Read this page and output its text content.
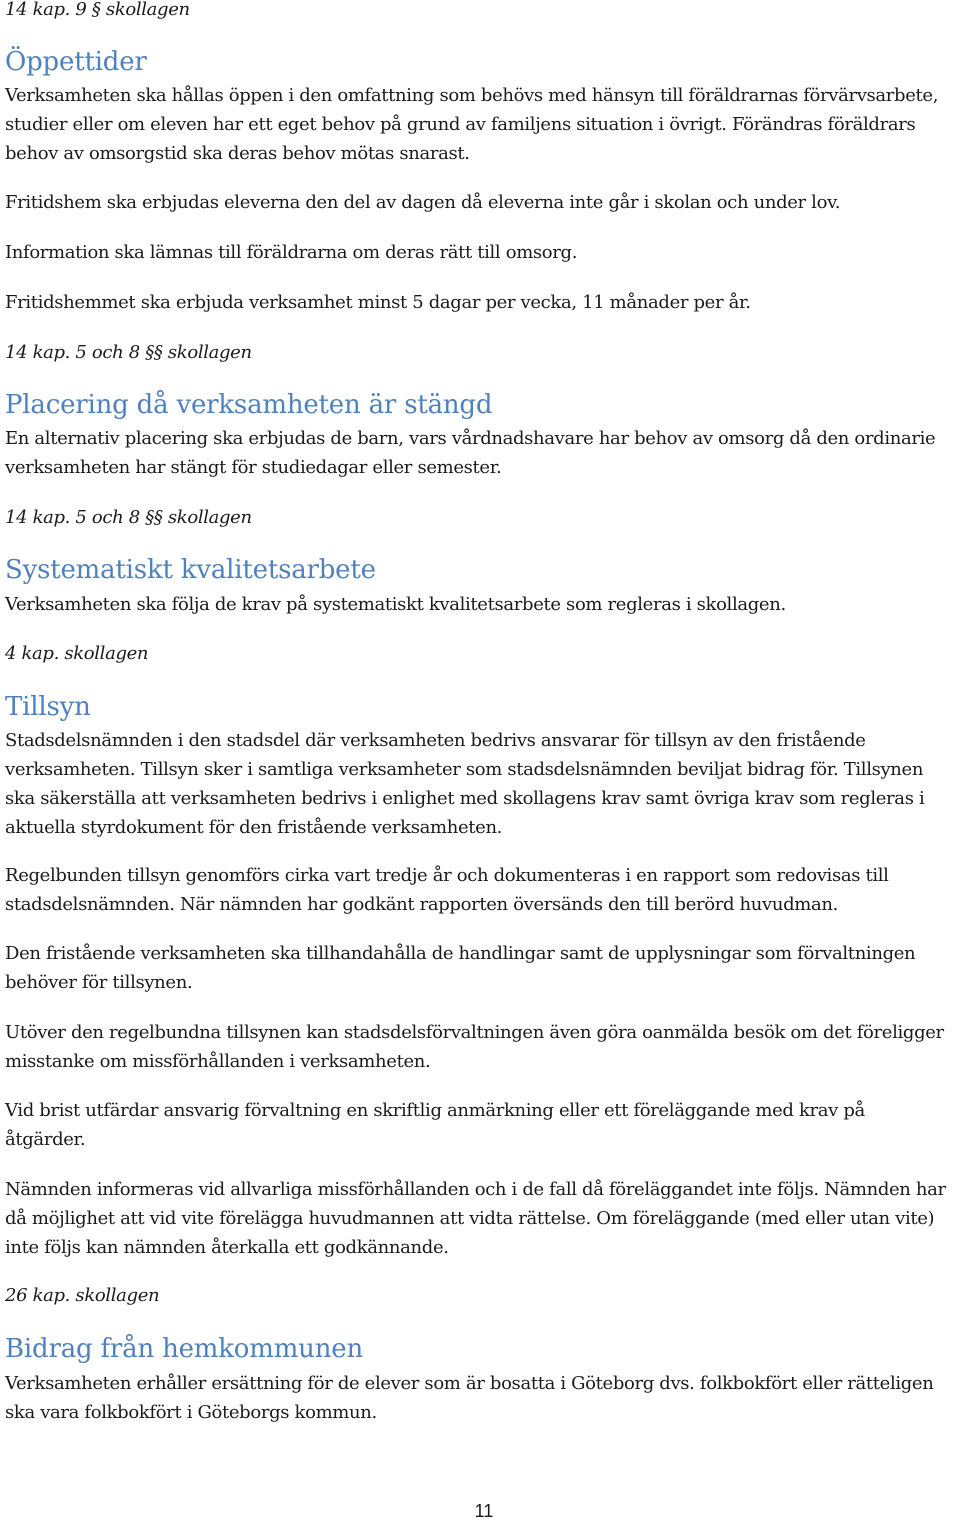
14 kap. 9 § skollagen

Öppettider

Verksamheten ska hållas öppen i den omfattning som behövs med hänsyn till föräldrarnas förvärvsarbete,
studier eller om eleven har ett eget behov på grund av familjens situation i övrigt. Förändras föräldrars
behov av omsorgstid ska deras behov mötas snarast.

Fritidshem ska erbjudas eleverna den del av dagen då eleverna inte går i skolan och under lov.

Information ska lämnas till föräldrarna om deras rätt till omsorg.

Fritidshemmet ska erbjuda verksamhet minst 5 dagar per vecka, 11 månader per år.

14 kap. 5 och 8 §§ skollagen

Placering då verksamheten är stängd

En alternativ placering ska erbjudas de barn, vars vårdnadshavare har behov av omsorg då den ordinarie
verksamheten har stängt för studiedagar eller semester.

14 kap. 5 och 8 §§ skollagen

Systematiskt kvalitetsarbete

Verksamheten ska följa de krav på systematiskt kvalitetsarbete som regleras i skollagen.

4 kap. skollagen

Tillsyn

Stadsdelsnämnden i den stadsdel där verksamheten bedrivs ansvarar för tillsyn av den fristående
verksamheten. Tillsyn sker i samtliga verksamheter som stadsdelsnämnden beviljat bidrag för. Tillsynen
ska säkerställa att verksamheten bedrivs i enlighet med skollagens krav samt övriga krav som regleras i
aktuella styrdokument för den fristående verksamheten.

Regelbunden tillsyn genomförs cirka vart tredje år och dokumenteras i en rapport som redovisas till
stadsdelsnämnden. När nämnden har godkänt rapporten översänds den till berörd huvudman.

Den fristående verksamheten ska tillhandahålla de handlingar samt de upplysningar som förvaltningen
behöver för tillsynen.

Utöver den regelbundna tillsynen kan stadsdelsförvaltningen även göra oanmälda besök om det föreligger
misstanke om missförhållanden i verksamheten.

Vid brist utfärdar ansvarig förvaltning en skriftlig anmärkning eller ett föreläggande med krav på
åtgärder.

Nämnden informeras vid allvarliga missförhållanden och i de fall då föreläggandet inte följs. Nämnden har
då möjlighet att vid vite förelägga huvudmannen att vidta rättelse. Om föreläggande (med eller utan vite)
inte följs kan nämnden återkalla ett godkännande.

26 kap. skollagen

Bidrag från hemkommunen

Verksamheten erhåller ersättning för de elever som är bosatta i Göteborg dvs. folkbokfört eller rätteligen
ska vara folkbokfört i Göteborgs kommun.

11
